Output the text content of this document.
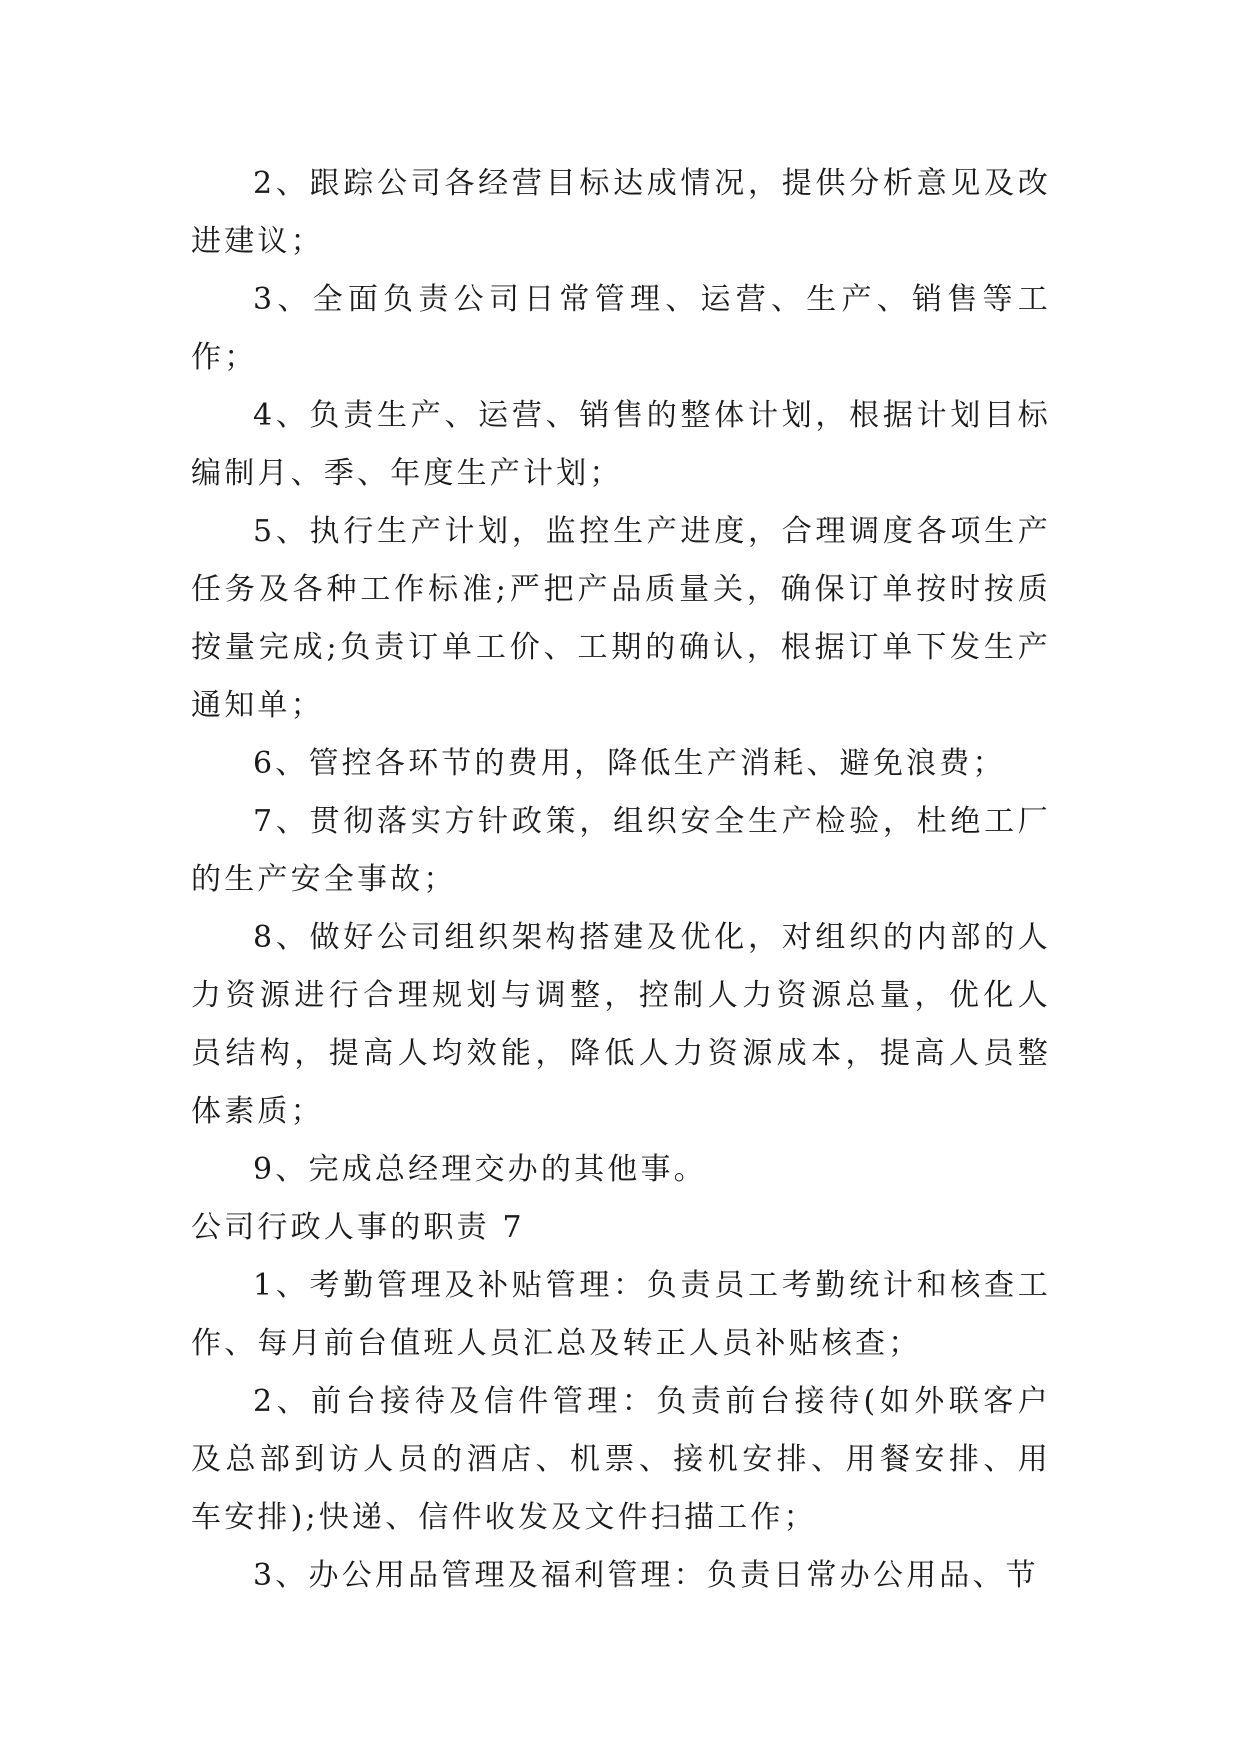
2、跟踪公司各经营目标达成情况，提供分析意见及改进建议；

3、全面负责公司日常管理、运营、生产、销售等工作；

4、负责生产、运营、销售的整体计划，根据计划目标编制月、季、年度生产计划；

5、执行生产计划，监控生产进度，合理调度各项生产任务及各种工作标准;严把产品质量关，确保订单按时按质按量完成;负责订单工价、工期的确认，根据订单下发生产通知单；

6、管控各环节的费用，降低生产消耗、避免浪费；

7、贯彻落实方针政策，组织安全生产检验，杜绝工厂的生产安全事故；

8、做好公司组织架构搭建及优化，对组织的内部的人力资源进行合理规划与调整，控制人力资源总量，优化人员结构，提高人均效能，降低人力资源成本，提高人员整体素质；

9、完成总经理交办的其他事。

公司行政人事的职责 7

1、考勤管理及补贴管理：负责员工考勤统计和核查工作、每月前台值班人员汇总及转正人员补贴核查；

2、前台接待及信件管理：负责前台接待(如外联客户及总部到访人员的酒店、机票、接机安排、用餐安排、用车安排);快递、信件收发及文件扫描工作；

3、办公用品管理及福利管理：负责日常办公用品、节
